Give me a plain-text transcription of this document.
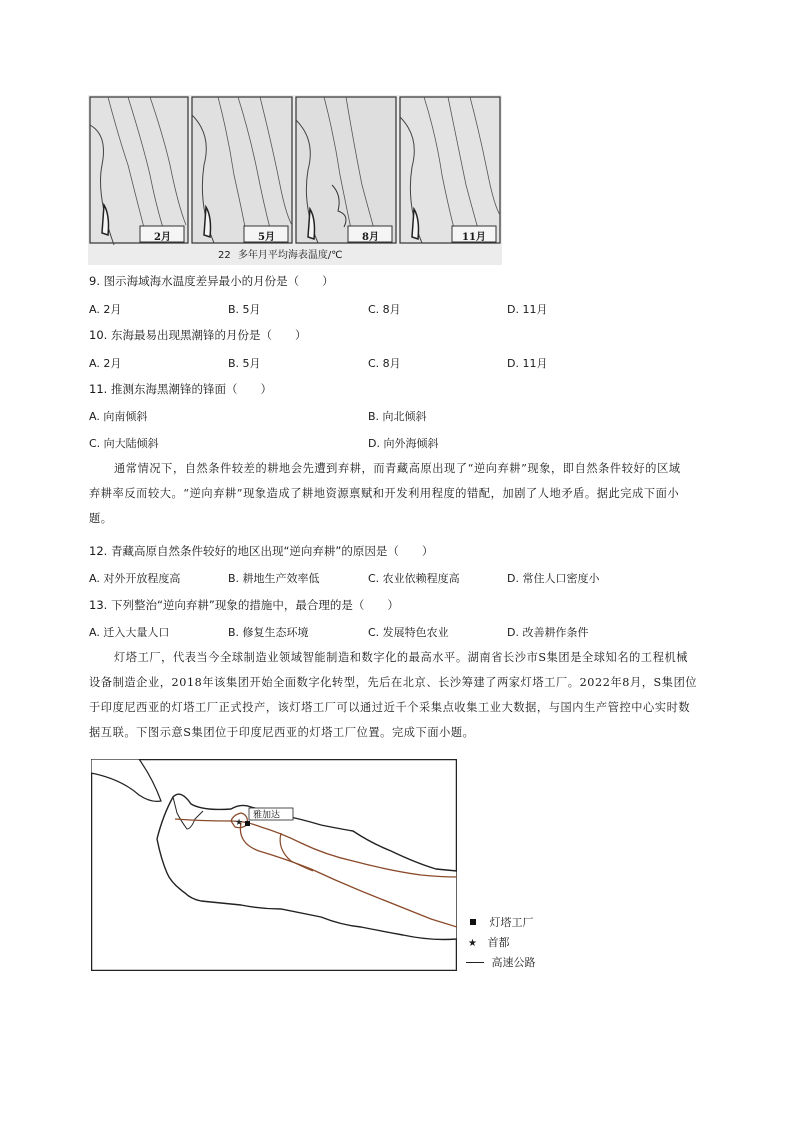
2月	5月	8月	11月
22 多年月平均海表温度/℃
9. 图示海域海水温度差异最小的月份是（　　）
A. 2月	B. 5月	C. 8月	D. 11月
10. 东海最易出现黑潮锋的月份是（　　）
A. 2月	B. 5月	C. 8月	D. 11月
11. 推测东海黑潮锋的锋面（　　）
A. 向南倾斜	B. 向北倾斜
C. 向大陆倾斜	D. 向外海倾斜
通常情况下，自然条件较差的耕地会先遭到弃耕，而青藏高原出现了“逆向弃耕”现象，即自然条件较好的区域
弃耕率反而较大。“逆向弃耕”现象造成了耕地资源禀赋和开发利用程度的错配，加剧了人地矛盾。据此完成下面小
题。
12. 青藏高原自然条件较好的地区出现“逆向弃耕”的原因是（　　）
A. 对外开放程度高	B. 耕地生产效率低	C. 农业依赖程度高	D. 常住人口密度小
13. 下列整治“逆向弃耕”现象的措施中，最合理的是（　　）
A. 迁入大量人口	B. 修复生态环境	C. 发展特色农业	D. 改善耕作条件
灯塔工厂，代表当今全球制造业领域智能制造和数字化的最高水平。湖南省长沙市S集团是全球知名的工程机械
设备制造企业，2018年该集团开始全面数字化转型，先后在北京、长沙筹建了两家灯塔工厂。2022年8月，S集团位
于印度尼西亚的灯塔工厂正式投产，该灯塔工厂可以通过近千个采集点收集工业大数据，与国内生产管控中心实时数
据互联。下图示意S集团位于印度尼西亚的灯塔工厂位置。完成下面小题。
★
雅加达
灯塔工厂
★ 首都
高速公路
